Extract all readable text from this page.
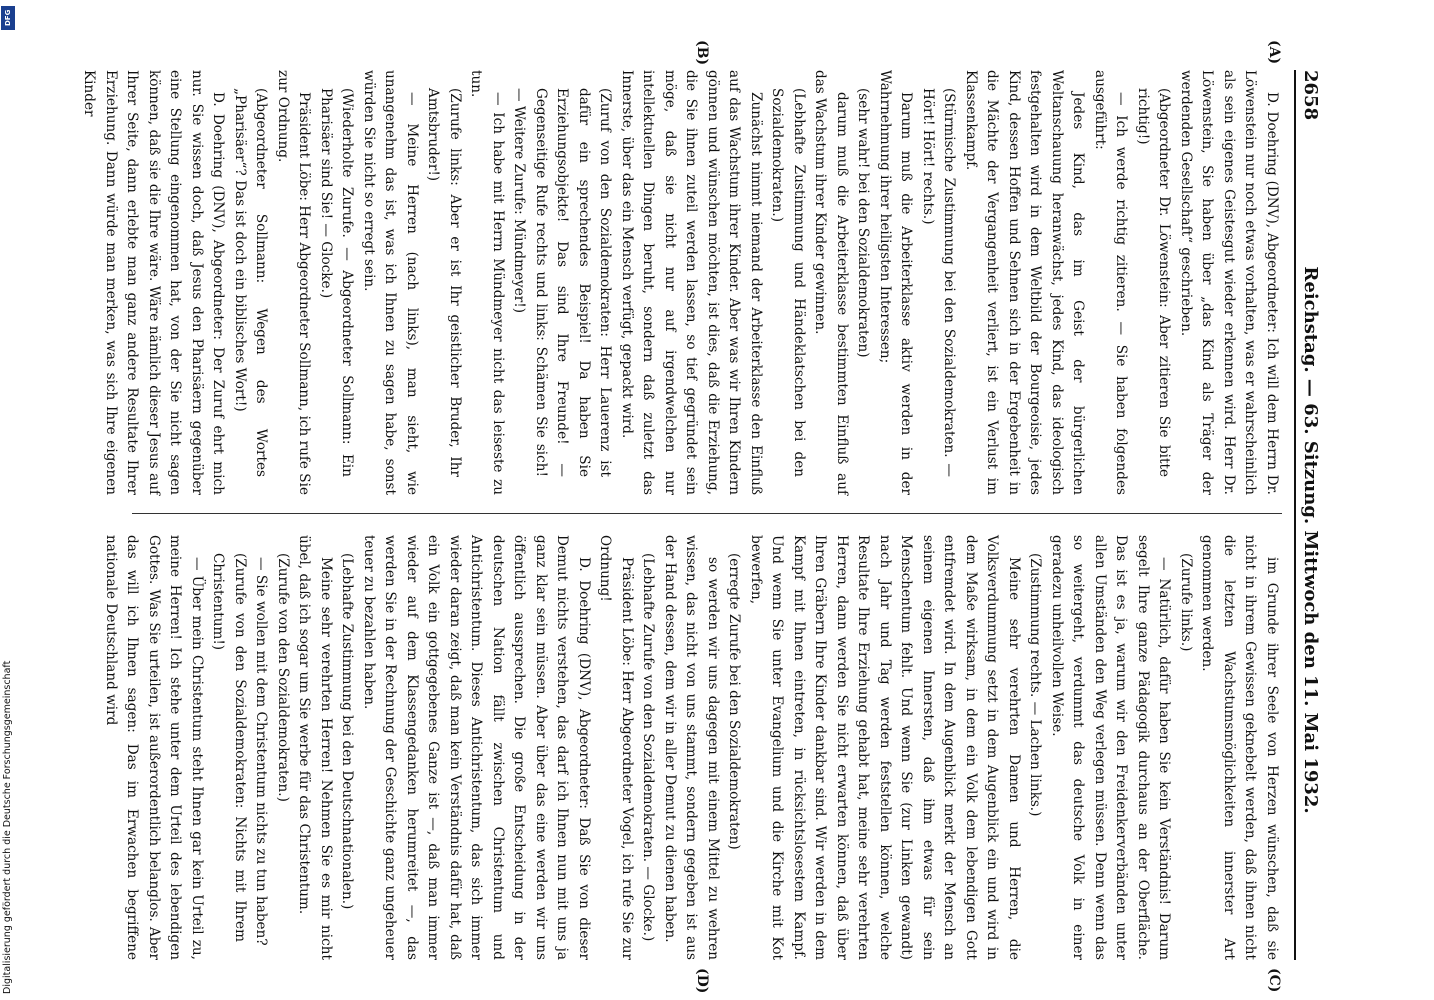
2658
Reichstag. — 63. Sitzung. Mittwoch den 11. Mai 1932.

D. Doehring (DNV), Abgeordneter: Ich will dem Herrn Dr. Löwenstein nur noch etwas vorhalten, was er wahrscheinlich als sein eigenes Geistesgut wieder erkennen wird. Herr Dr. Löwenstein, Sie haben über „das Kind als Träger der werdenden Gesellschaft“ geschrieben.

(Abgeordneter Dr. Löwenstein: Aber zitieren Sie bitte richtig!)

— Ich werde richtig zitieren. — Sie haben folgendes ausgeführt:

Jedes Kind, das im Geist der bürgerlichen Weltanschauung heranwächst, jedes Kind, das ideologisch festgehalten wird in dem Weltbild der Bourgeoisie, jedes Kind, dessen Hoffen und Sehnen sich in der Ergebenheit in die Mächte der Vergangenheit verliert, ist ein Verlust im Klassenkampf.

(Stürmische Zustimmung bei den Sozialdemokraten. — Hört! Hört! rechts.)

Darum muß die Arbeiterklasse aktiv werden in der Wahrnehmung ihrer heiligsten Interessen;

(sehr wahr! bei den Sozialdemokraten)

darum muß die Arbeiterklasse bestimmten Einfluß auf das Wachstum ihrer Kinder gewinnen.

(Lebhafte Zustimmung und Händeklatschen bei den Sozialdemokraten.)

Zunächst nimmt niemand der Arbeiterklasse den Einfluß auf das Wachstum ihrer Kinder. Aber was wir Ihren Kindern gönnen und wünschen möchten, ist dies, daß die Erziehung, die Sie ihnen zuteil werden lassen, so tief gegründet sein möge, daß sie nicht nur auf irgendwelchen nur intellektuellen Dingen beruht, sondern daß zuletzt das Innerste, über das ein Mensch verfügt, gepackt wird.

(Zuruf von den Sozialdemokraten: Herr Lauerenz ist dafür ein sprechendes Beispiel! Da haben Sie Erziehungsobjekte! Das sind Ihre Freunde! — Gegenseitige Rufe rechts und links: Schämen Sie sich! — Weitere Zurufe: Mündmeyer!)

— Ich habe mit Herrn Mündmeyer nicht das leiseste zu tun.

(Zurufe links: Aber er ist Ihr geistlicher Bruder, Ihr Amtsbruder!)

— Meine Herren (nach links), man sieht, wie unangenehm das ist, was ich Ihnen zu sagen habe, sonst würden Sie nicht so erregt sein.

(Wiederholte Zurufe. — Abgeordneter Sollmann: Ein Pharisäer sind Sie! — Glocke.)

Präsident Löbe: Herr Abgeordneter Sollmann, ich rufe Sie zur Ordnung.

(Abgeordneter Sollmann: Wegen des Wortes „Pharisäer“? Das ist doch ein biblisches Wort!)

D. Doehring (DNV), Abgeordneter: Der Zuruf ehrt mich nur. Sie wissen doch, daß Jesus den Pharisäern gegenüber eine Stellung eingenommen hat, von der Sie nicht sagen können, daß sie die Ihre wäre. Wäre nämlich dieser Jesus auf Ihrer Seite, dann erlebte man ganz andere Resultate Ihrer Erziehung. Dann würde man merken, was sich Ihre eigenen Kinder

im Grunde ihrer Seele von Herzen wünschen, daß sie nicht in ihrem Gewissen geknebelt werden, daß ihnen nicht die letzten Wachstumsmöglichkeiten innerster Art genommen werden.

(Zurufe links.)

— Natürlich, dafür haben Sie kein Verständnis! Darum segelt Ihre ganze Pädagogik durchaus an der Oberfläche. Das ist es ja, warum wir den Freidenkerverbänden unter allen Umständen den Weg verlegen müssen. Denn wenn das so weitergeht, verdummt das deutsche Volk in einer geradezu unheilvollen Weise.

(Zustimmung rechts. — Lachen links.)

Meine sehr verehrten Damen und Herren, die Volksverdummung setzt in dem Augenblick ein und wird in dem Maße wirksam, in dem ein Volk dem lebendigen Gott entfremdet wird. In dem Augenblick merkt der Mensch an seinem eigenen Innersten, daß ihm etwas für sein Menschentum fehlt. Und wenn Sie (zur Linken gewandt) nach Jahr und Tag werden feststellen können, welche Resultate Ihre Erziehung gehabt hat, meine sehr verehrten Herren, dann werden Sie nicht erwarten können, daß über Ihren Gräbern Ihre Kinder dankbar sind. Wir werden in dem Kampf mit Ihnen eintreten, in rücksichtslosestem Kampf. Und wenn Sie unter Evangelium und die Kirche mit Kot bewerfen,

(erregte Zurufe bei den Sozialdemokraten)

so werden wir uns dagegen mit einem Mittel zu wehren wissen, das nicht von uns stammt, sondern gegeben ist aus der Hand dessen, dem wir in aller Demut zu dienen haben.

(Lebhafte Zurufe von den Sozialdemokraten. — Glocke.)

Präsident Löbe: Herr Abgeordneter Vogel, ich rufe Sie zur Ordnung!

D. Doehring (DNV), Abgeordneter: Daß Sie von dieser Demut nichts verstehen, das darf ich Ihnen nun mit uns ja ganz klar sein müssen. Aber über das eine werden wir uns öffentlich aussprechen. Die große Entscheidung in der deutschen Nation fällt zwischen Christentum und Antichristentum. Dieses Antichristentum, das sich immer wieder daran zeigt, daß man kein Verständnis dafür hat, daß ein Volk ein gottgegebenes Ganze ist —, daß man immer wieder auf dem Klassengedanken herumreitet —, das werden Sie in der Rechnung der Geschichte ganz ungeheuer teuer zu bezahlen haben.

(Lebhafte Zustimmung bei den Deutschnationalen.)

Meine sehr verehrten Herren! Nehmen Sie es mir nicht übel, daß ich sogar um Sie werbe für das Christentum.

(Zurufe von den Sozialdemokraten.)

— Sie wollen mit dem Christentum nichts zu tun haben?

(Zurufe von den Sozialdemokraten: Nichts mit Ihrem Christentum!)

— Über mein Christentum steht Ihnen gar kein Urteil zu, meine Herren! Ich stehe unter dem Urteil des lebendigen Gottes. Was Sie urteilen, ist außerordentlich belanglos. Aber das will ich Ihnen sagen: Das im Erwachen begriffene nationale Deutschland wird

(A)
(B)
(C)
(D)
DFG
Digitalisierung gefördert durch die Deutsche Forschungsgemeinschaft
